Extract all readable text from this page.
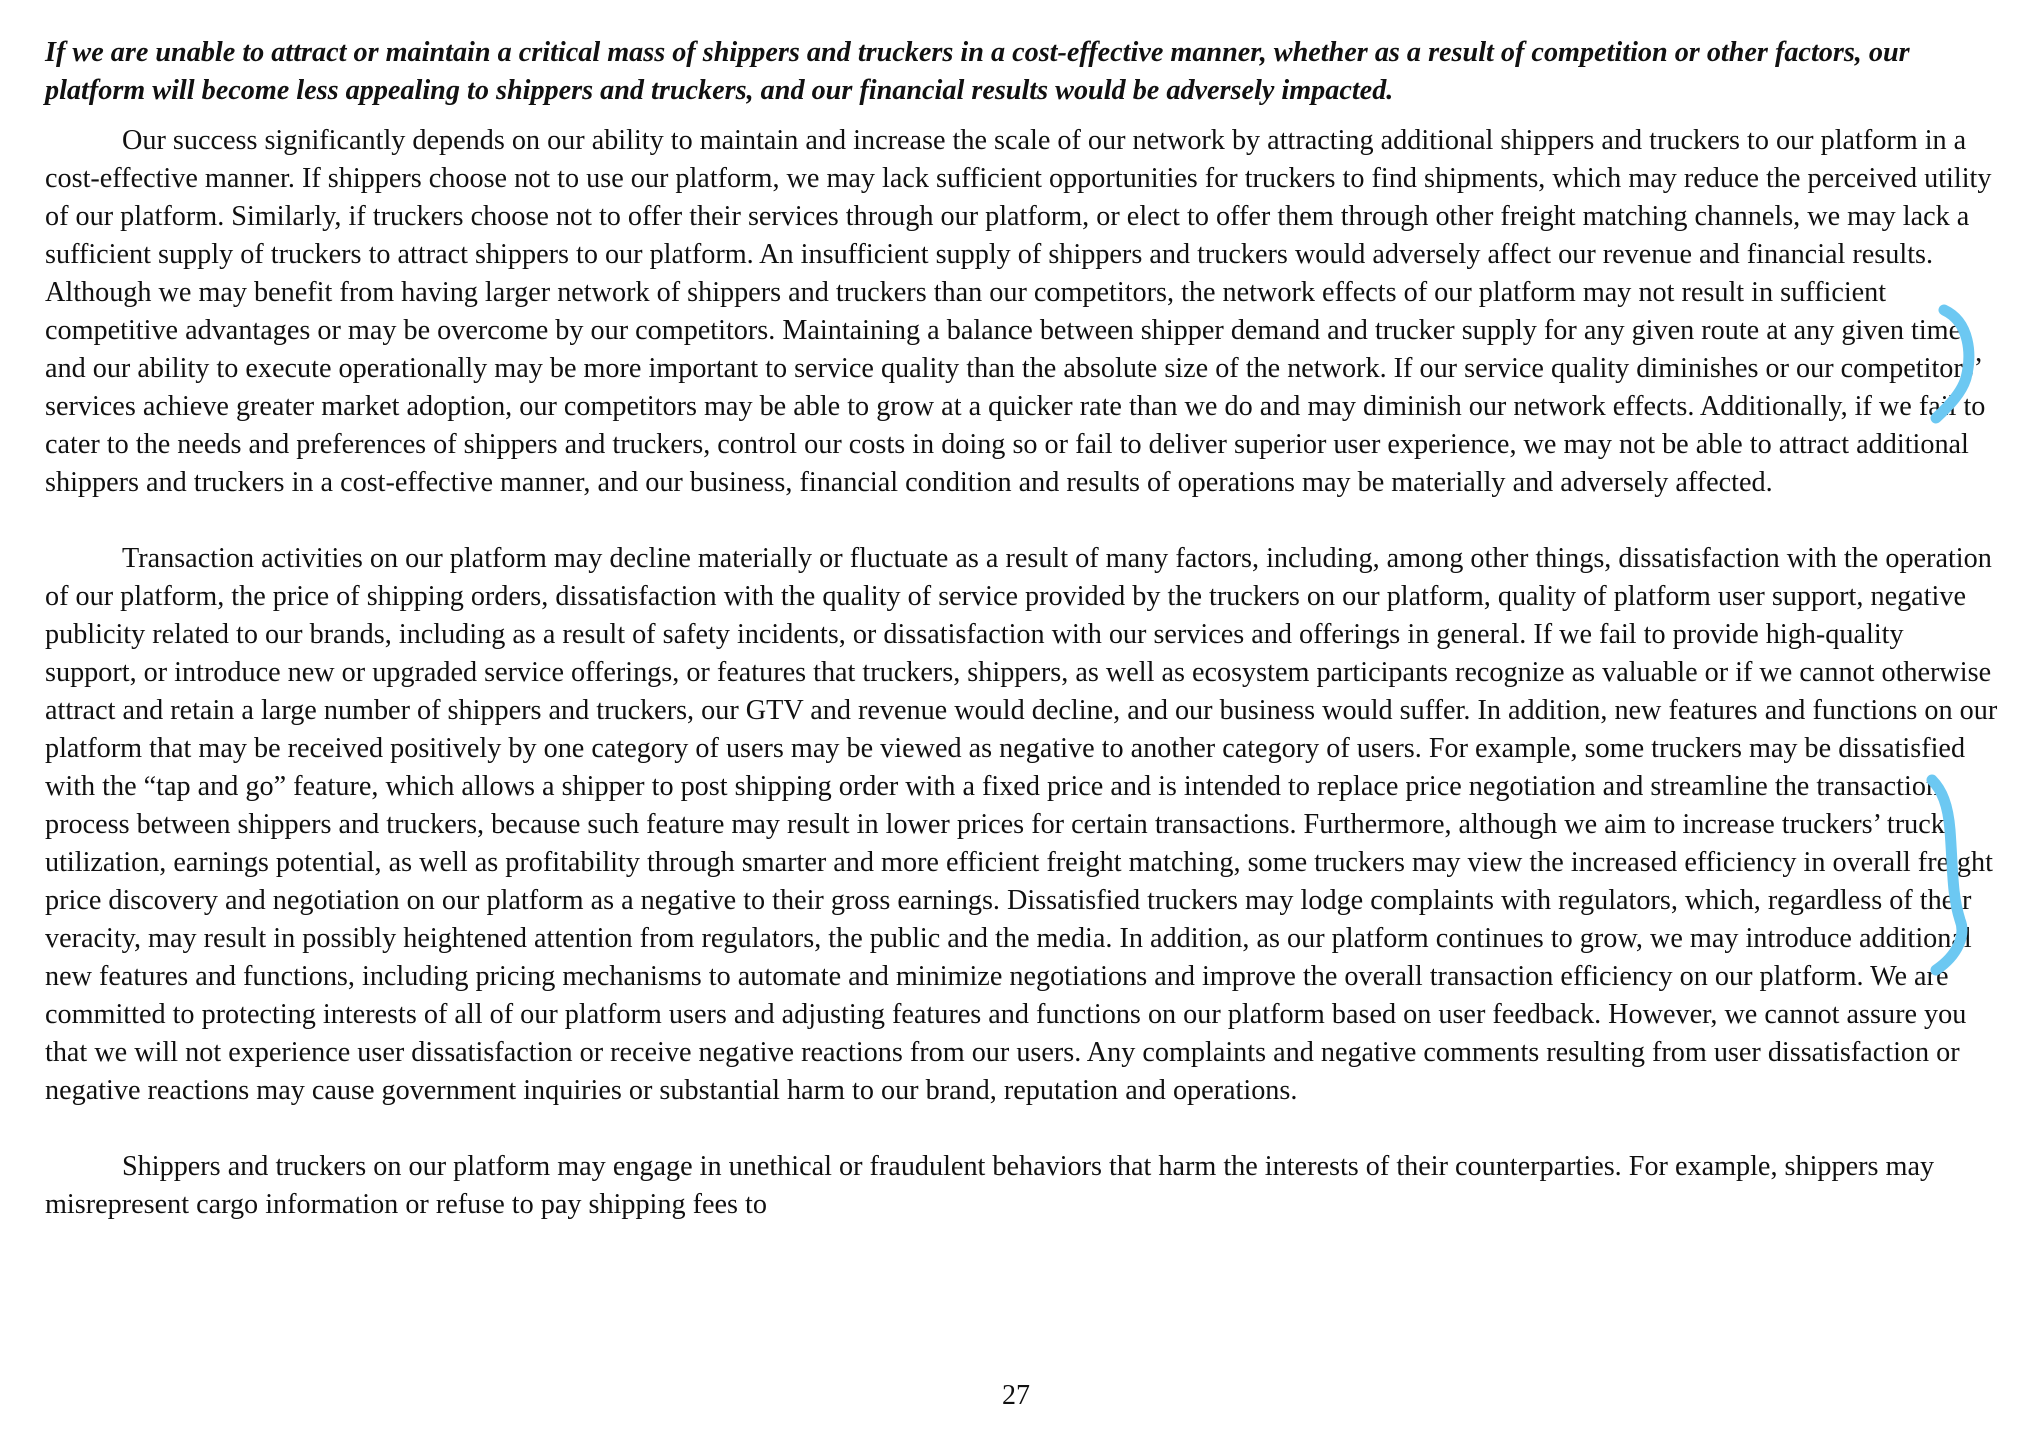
If we are unable to attract or maintain a critical mass of shippers and truckers in a cost-effective manner, whether as a result of competition or other factors, our platform will become less appealing to shippers and truckers, and our financial results would be adversely impacted.

Our success significantly depends on our ability to maintain and increase the scale of our network by attracting additional shippers and truckers to our platform in a cost-effective manner. If shippers choose not to use our platform, we may lack sufficient opportunities for truckers to find shipments, which may reduce the perceived utility of our platform. Similarly, if truckers choose not to offer their services through our platform, or elect to offer them through other freight matching channels, we may lack a sufficient supply of truckers to attract shippers to our platform. An insufficient supply of shippers and truckers would adversely affect our revenue and financial results. Although we may benefit from having larger network of shippers and truckers than our competitors, the network effects of our platform may not result in sufficient competitive advantages or may be overcome by our competitors. Maintaining a balance between shipper demand and trucker supply for any given route at any given time and our ability to execute operationally may be more important to service quality than the absolute size of the network. If our service quality diminishes or our competitors’ services achieve greater market adoption, our competitors may be able to grow at a quicker rate than we do and may diminish our network effects. Additionally, if we fail to cater to the needs and preferences of shippers and truckers, control our costs in doing so or fail to deliver superior user experience, we may not be able to attract additional shippers and truckers in a cost-effective manner, and our business, financial condition and results of operations may be materially and adversely affected.

Transaction activities on our platform may decline materially or fluctuate as a result of many factors, including, among other things, dissatisfaction with the operation of our platform, the price of shipping orders, dissatisfaction with the quality of service provided by the truckers on our platform, quality of platform user support, negative publicity related to our brands, including as a result of safety incidents, or dissatisfaction with our services and offerings in general. If we fail to provide high-quality support, or introduce new or upgraded service offerings, or features that truckers, shippers, as well as ecosystem participants recognize as valuable or if we cannot otherwise attract and retain a large number of shippers and truckers, our GTV and revenue would decline, and our business would suffer. In addition, new features and functions on our platform that may be received positively by one category of users may be viewed as negative to another category of users. For example, some truckers may be dissatisfied with the “tap and go” feature, which allows a shipper to post shipping order with a fixed price and is intended to replace price negotiation and streamline the transaction process between shippers and truckers, because such feature may result in lower prices for certain transactions. Furthermore, although we aim to increase truckers’ truck utilization, earnings potential, as well as profitability through smarter and more efficient freight matching, some truckers may view the increased efficiency in overall freight price discovery and negotiation on our platform as a negative to their gross earnings. Dissatisfied truckers may lodge complaints with regulators, which, regardless of their veracity, may result in possibly heightened attention from regulators, the public and the media. In addition, as our platform continues to grow, we may introduce additional new features and functions, including pricing mechanisms to automate and minimize negotiations and improve the overall transaction efficiency on our platform. We are committed to protecting interests of all of our platform users and adjusting features and functions on our platform based on user feedback. However, we cannot assure you that we will not experience user dissatisfaction or receive negative reactions from our users. Any complaints and negative comments resulting from user dissatisfaction or negative reactions may cause government inquiries or substantial harm to our brand, reputation and operations.

Shippers and truckers on our platform may engage in unethical or fraudulent behaviors that harm the interests of their counterparties. For example, shippers may misrepresent cargo information or refuse to pay shipping fees to

27
